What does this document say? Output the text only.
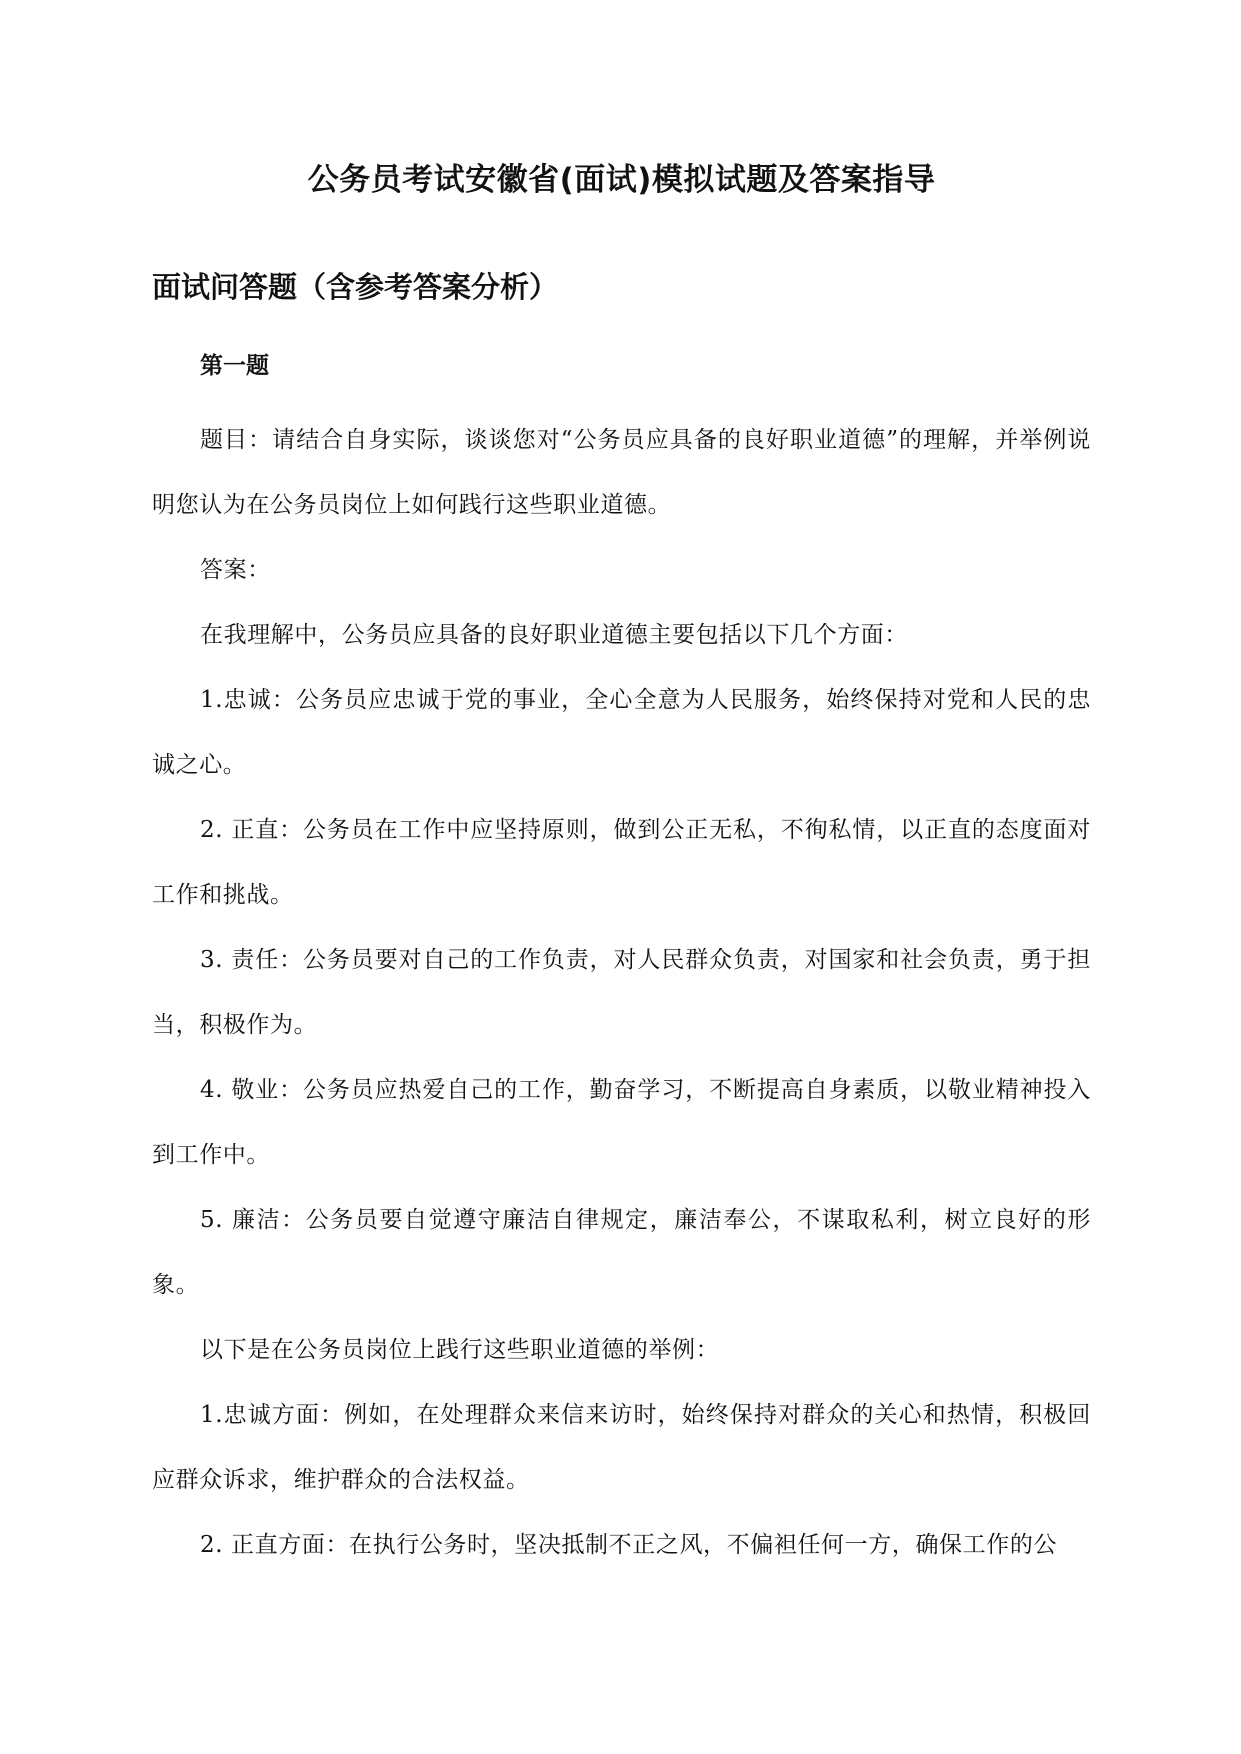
公务员考试安徽省(面试)模拟试题及答案指导
面试问答题（含参考答案分析）

第一题

题目：请结合自身实际，谈谈您对“公务员应具备的良好职业道德”的理解，并举例说明您认为在公务员岗位上如何践行这些职业道德。

答案：

在我理解中，公务员应具备的良好职业道德主要包括以下几个方面：

1.忠诚：公务员应忠诚于党的事业，全心全意为人民服务，始终保持对党和人民的忠诚之心。

2. 正直：公务员在工作中应坚持原则，做到公正无私，不徇私情，以正直的态度面对工作和挑战。

3. 责任：公务员要对自己的工作负责，对人民群众负责，对国家和社会负责，勇于担当，积极作为。

4. 敬业：公务员应热爱自己的工作，勤奋学习，不断提高自身素质，以敬业精神投入到工作中。

5. 廉洁：公务员要自觉遵守廉洁自律规定，廉洁奉公，不谋取私利，树立良好的形象。

以下是在公务员岗位上践行这些职业道德的举例：

1.忠诚方面：例如，在处理群众来信来访时，始终保持对群众的关心和热情，积极回应群众诉求，维护群众的合法权益。

2. 正直方面：在执行公务时，坚决抵制不正之风，不偏袒任何一方，确保工作的公
